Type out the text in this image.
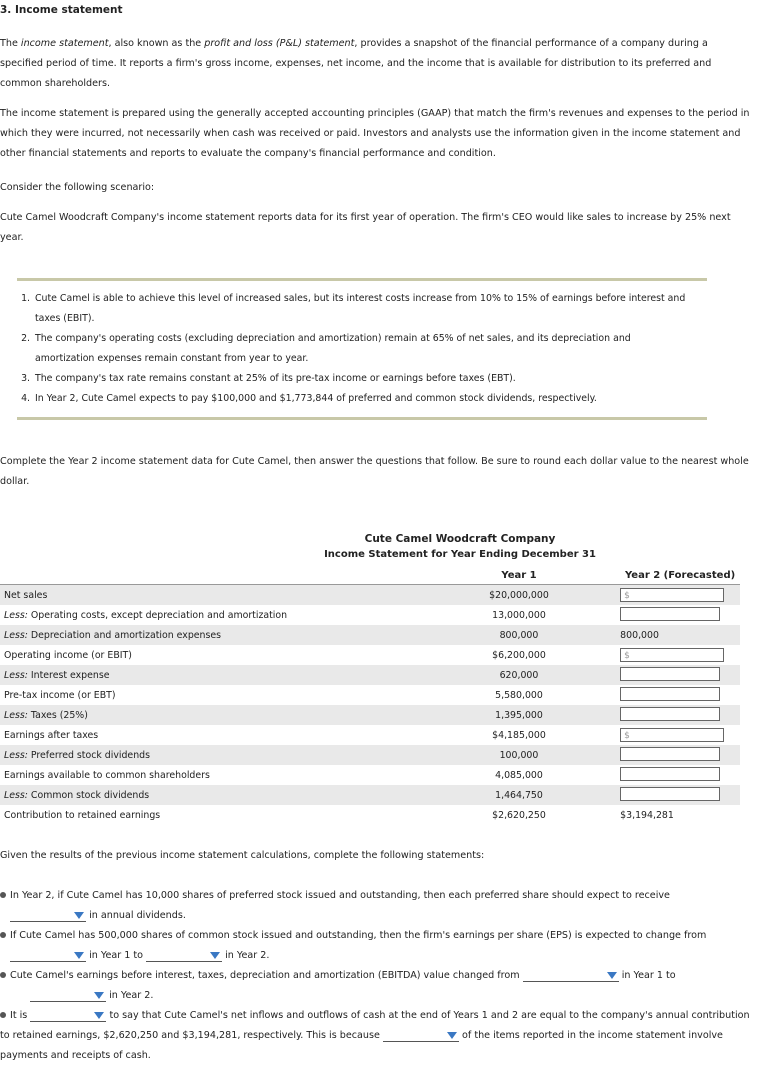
3. Income statement
The income statement, also known as the profit and loss (P&L) statement, provides a snapshot of the financial performance of a company during a specified period of time. It reports a firm's gross income, expenses, net income, and the income that is available for distribution to its preferred and common shareholders.
The income statement is prepared using the generally accepted accounting principles (GAAP) that match the firm's revenues and expenses to the period in which they were incurred, not necessarily when cash was received or paid. Investors and analysts use the information given in the income statement and other financial statements and reports to evaluate the company's financial performance and condition.
Consider the following scenario:
Cute Camel Woodcraft Company's income statement reports data for its first year of operation. The firm's CEO would like sales to increase by 25% next year.
1. Cute Camel is able to achieve this level of increased sales, but its interest costs increase from 10% to 15% of earnings before interest and taxes (EBIT).
2. The company's operating costs (excluding depreciation and amortization) remain at 65% of net sales, and its depreciation and amortization expenses remain constant from year to year.
3. The company's tax rate remains constant at 25% of its pre-tax income or earnings before taxes (EBT).
4. In Year 2, Cute Camel expects to pay $100,000 and $1,773,844 of preferred and common stock dividends, respectively.
Complete the Year 2 income statement data for Cute Camel, then answer the questions that follow. Be sure to round each dollar value to the nearest whole dollar.
Cute Camel Woodcraft Company
Income Statement for Year Ending December 31
	Year 1	Year 2 (Forecasted)
Net sales	$20,000,000	$
Less: Operating costs, except depreciation and amortization	13,000,000	
Less: Depreciation and amortization expenses	800,000	800,000
Operating income (or EBIT)	$6,200,000	$
Less: Interest expense	620,000	
Pre-tax income (or EBT)	5,580,000	
Less: Taxes (25%)	1,395,000	
Earnings after taxes	$4,185,000	$
Less: Preferred stock dividends	100,000	
Earnings available to common shareholders	4,085,000	
Less: Common stock dividends	1,464,750	
Contribution to retained earnings	$2,620,250	$3,194,281
Given the results of the previous income statement calculations, complete the following statements:
In Year 2, if Cute Camel has 10,000 shares of preferred stock issued and outstanding, then each preferred share should expect to receive

in annual dividends.
If Cute Camel has 500,000 shares of common stock issued and outstanding, then the firm's earnings per share (EPS) is expected to change from

in Year 1 to	in Year 2.
Cute Camel's earnings before interest, taxes, depreciation and amortization (EBITDA) value changed from	in Year 1 to

in Year 2.
It is	to say that Cute Camel's net inflows and outflows of cash at the end of Years 1 and 2 are equal to the company's annual contribution to retained earnings, $2,620,250 and $3,194,281, respectively. This is because	of the items reported in the income statement involve payments and receipts of cash.
